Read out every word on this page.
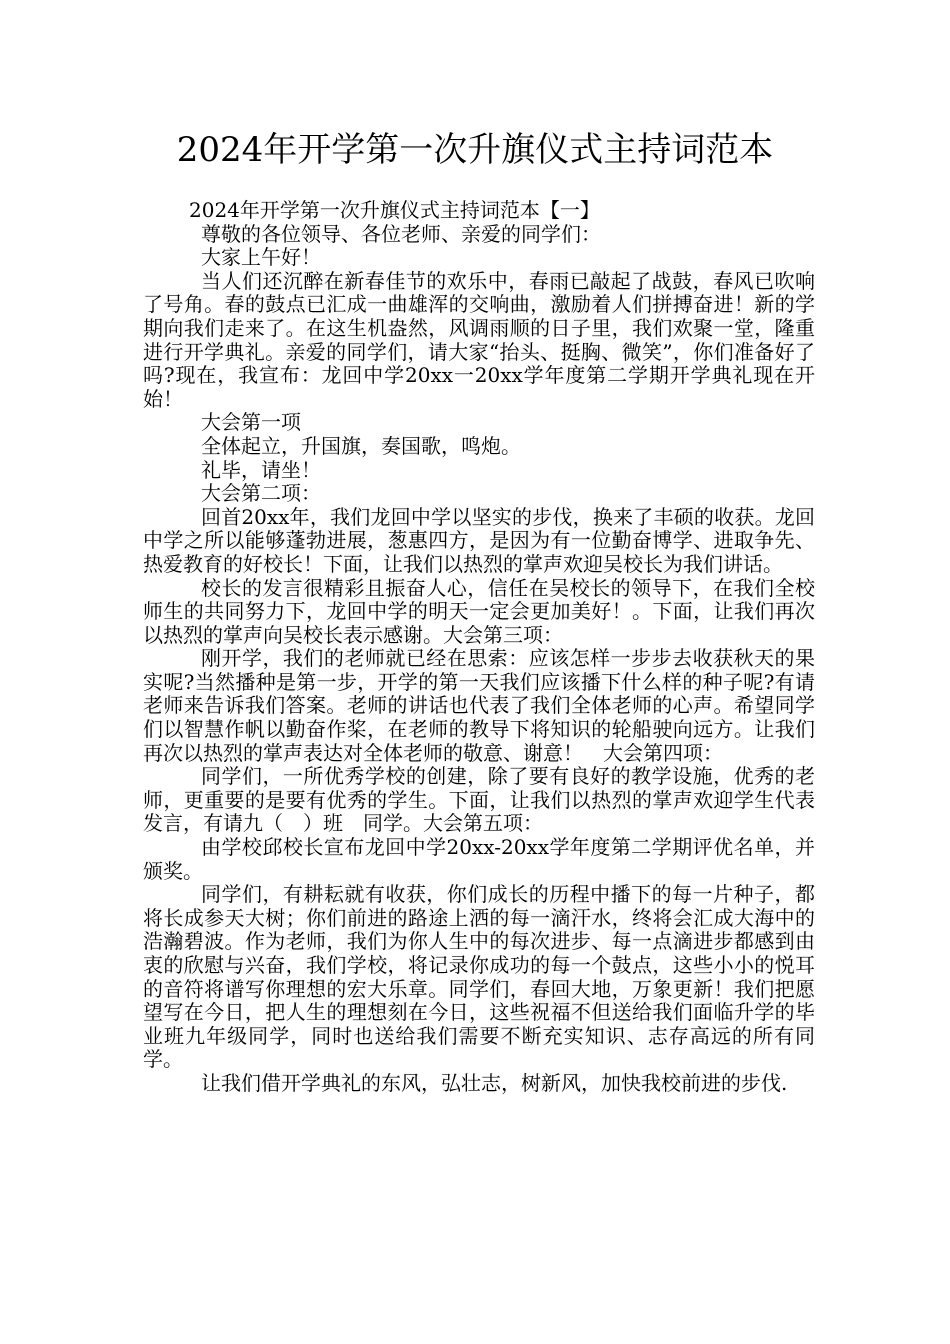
2024年开学第一次升旗仪式主持词范本

2024年开学第一次升旗仪式主持词范本【一】

尊敬的各位领导、各位老师、亲爱的同学们：

大家上午好！

当人们还沉醉在新春佳节的欢乐中，春雨已敲起了战鼓，春风已吹响了号角。春的鼓点已汇成一曲雄浑的交响曲，激励着人们拼搏奋进！新的学期向我们走来了。在这生机盎然，风调雨顺的日子里，我们欢聚一堂，隆重进行开学典礼。亲爱的同学们，请大家“抬头、挺胸、微笑”，你们准备好了吗?现在，我宣布：龙回中学20xx一20xx学年度第二学期开学典礼现在开始！

大会第一项

全体起立，升国旗，奏国歌，鸣炮。

礼毕，请坐！

大会第二项：

回首20xx年，我们龙回中学以坚实的步伐，换来了丰硕的收获。龙回中学之所以能够蓬勃进展，葱惠四方，是因为有一位勤奋博学、进取争先、热爱教育的好校长！下面，让我们以热烈的掌声欢迎吴校长为我们讲话。

校长的发言很精彩且振奋人心，信任在吴校长的领导下，在我们全校师生的共同努力下，龙回中学的明天一定会更加美好！。下面，让我们再次以热烈的掌声向吴校长表示感谢。大会第三项：

刚开学，我们的老师就已经在思索：应该怎样一步步去收获秋天的果实呢?当然播种是第一步，开学的第一天我们应该播下什么样的种子呢?有请　老师来告诉我们答案。老师的讲话也代表了我们全体老师的心声。希望同学们以智慧作帆以勤奋作桨，在老师的教导下将知识的轮船驶向远方。让我们再次以热烈的掌声表达对全体老师的敬意、谢意！　大会第四项：

同学们，一所优秀学校的创建，除了要有良好的教学设施，优秀的老师，更重要的是要有优秀的学生。下面，让我们以热烈的掌声欢迎学生代表发言，有请九（　）班　同学。大会第五项：

由学校邱校长宣布龙回中学20xx-20xx学年度第二学期评优名单，并颁奖。

同学们，有耕耘就有收获，你们成长的历程中播下的每一片种子，都将长成参天大树；你们前进的路途上洒的每一滴汗水，终将会汇成大海中的浩瀚碧波。作为老师，我们为你人生中的每次进步、每一点滴进步都感到由衷的欣慰与兴奋，我们学校，将记录你成功的每一个鼓点，这些小小的悦耳的音符将谱写你理想的宏大乐章。同学们，春回大地，万象更新！我们把愿望写在今日，把人生的理想刻在今日，这些祝福不但送给我们面临升学的毕业班九年级同学，同时也送给我们需要不断充实知识、志存高远的所有同学。

让我们借开学典礼的东风，弘壮志，树新风，加快我校前进的步伐.
